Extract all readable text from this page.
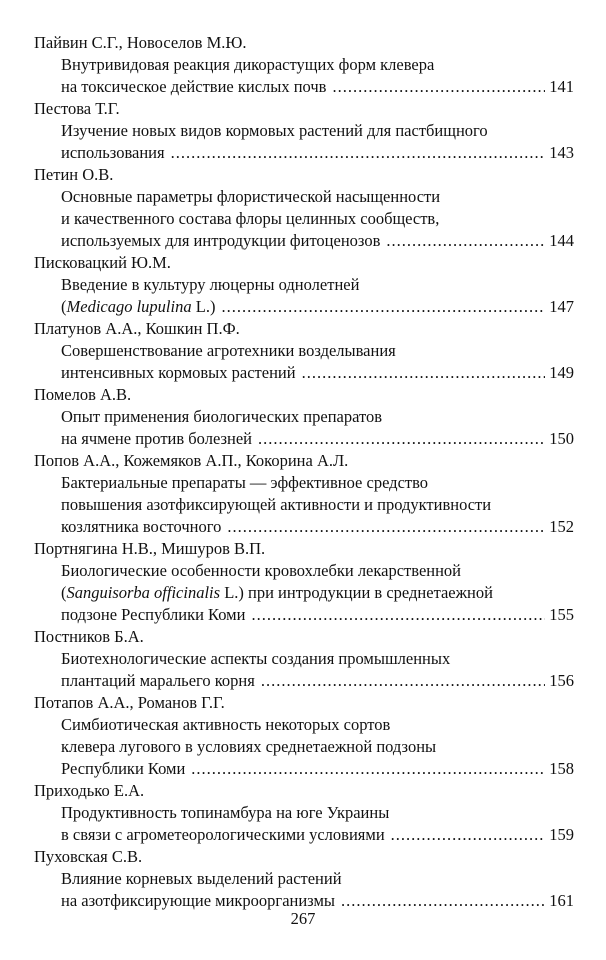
Пайвин С.Г., Новоселов М.Ю.
Внутривидовая реакция дикорастущих форм клевера
на токсическое действие кислых почв .....	141
Пестова Т.Г.
Изучение новых видов кормовых растений для пастбищного
использования .....	143
Петин О.В.
Основные параметры флористической насыщенности
и качественного состава флоры целинных сообществ,
используемых для интродукции фитоценозов .....	144
Писковацкий Ю.М.
Введение в культуру люцерны однолетней
(Medicago lupulina L.) .....	147
Платунов А.А., Кошкин П.Ф.
Совершенствование агротехники возделывания
интенсивных кормовых растений .....	149
Помелов А.В.
Опыт применения биологических препаратов
на ячмене против болезней .....	150
Попов А.А., Кожемяков А.П., Кокорина А.Л.
Бактериальные препараты — эффективное средство
повышения азотфиксирующей активности и продуктивности
козлятника восточного .....	152
Портнягина Н.В., Мишуров В.П.
Биологические особенности кровохлебки лекарственной
(Sanguisorba officinalis L.) при интродукции в среднетаежной
подзоне Республики Коми .....	155
Постников Б.А.
Биотехнологические аспекты создания промышленных
плантаций маральего корня .....	156
Потапов А.А., Романов Г.Г.
Симбиотическая активность некоторых сортов
клевера лугового в условиях среднетаежной подзоны
Республики Коми .....	158
Приходько Е.А.
Продуктивность топинамбура на юге Украины
в связи с агрометеорологическими условиями .....	159
Пуховская С.В.
Влияние корневых выделений растений
на азотфиксирующие микроорганизмы .....	161
267
